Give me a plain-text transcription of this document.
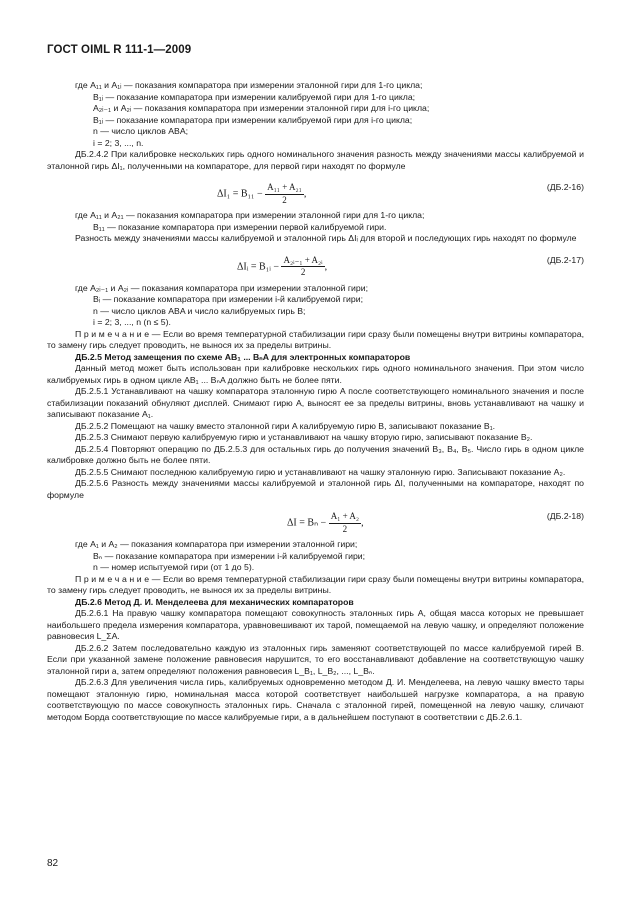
ГОСТ OIML R 111-1—2009

где A₁₁ и A₁ᵢ — показания компаратора при измерении эталонной гири для 1-го цикла;

B₁ᵢ — показание компаратора при измерении калибруемой гири для 1-го цикла;

A₂ᵢ₋₁ и A₂ᵢ — показания компаратора при измерении эталонной гири для i-го цикла;

B₁ᵢ — показание компаратора при измерении калибруемой гири для i-го цикла;

n — число циклов ABA;

i = 2; 3, ..., n.

ДБ.2.4.2 При калибровке нескольких гирь одного номинального значения разность между значениями массы калибруемой и эталонной гирь ΔI₁, полученными на компараторе, для первой гири находят по формуле

$\Delta I_1 = B_{11} - \frac{\text{A₁₁ + A₂₁}}{2}$ ,
(ДБ.2-16)

где A₁₁ и A₂₁ — показания компаратора при измерении эталонной гири для 1-го цикла;

B₁₁ — показание компаратора при измерении первой калибруемой гири.

Разность между значениями массы калибруемой и эталонной гирь ΔIᵢ для второй и последующих гирь находят по формуле

ΔIᵢ = B₁ᵢ − $\frac{\text{A₂ᵢ₋₁ + A₂ᵢ}}{2}$ ,
(ДБ.2-17)

где A₂ᵢ₋₁ и A₂ᵢ — показания компаратора при измерении эталонной гири;

Bᵢ — показание компаратора при измерении i-й калибруемой гири;

n — число циклов ABA и число калибруемых гирь B;

i = 2; 3, ..., n (n ≤ 5).

П р и м е ч а н и е — Если во время температурной стабилизации гири сразу были помещены внутри витрины компаратора, то замену гирь следует проводить, не вынося их за пределы витрины.

ДБ.2.5 Метод замещения по схеме AB₁ ... BₙA для электронных компараторов

Данный метод может быть использован при калибровке нескольких гирь одного номинального значения. При этом число калибруемых гирь в одном цикле AB₁ ... BₙA должно быть не более пяти.

ДБ.2.5.1 Устанавливают на чашку компаратора эталонную гирю A после соответствующего номинального значения и после стабилизации показаний обнуляют дисплей. Снимают гирю A, выносят ее за пределы витрины, вновь устанавливают на чашку и записывают показание A₁.

ДБ.2.5.2 Помещают на чашку вместо эталонной гири A калибруемую гирю B, записывают показание B₁.

ДБ.2.5.3 Снимают первую калибруемую гирю и устанавливают на чашку вторую гирю, записывают показание B₂.

ДБ.2.5.4 Повторяют операцию по ДБ.2.5.3 для остальных гирь до получения значений B₃, B₄, B₅. Число гирь в одном цикле калибровке должно быть не более пяти.

ДБ.2.5.5 Снимают последнюю калибруемую гирю и устанавливают на чашку эталонную гирю. Записывают показание A₂.

ДБ.2.5.6 Разность между значениями массы калибруемой и эталонной гирь ΔI, полученными на компараторе, находят по формуле

$\Delta I = B_n - \frac{\text{A₁ + A₂}}{2}$ ,
(ДБ.2-18)

где A₁ и A₂ — показания компаратора при измерении эталонной гири;

Bₙ — показание компаратора при измерении i-й калибруемой гири;

n — номер испытуемой гири (от 1 до 5).

П р и м е ч а н и е — Если во время температурной стабилизации гири сразу были помещены внутри витрины компаратора, то замену гирь следует проводить, не вынося их за пределы витрины.

ДБ.2.6 Метод Д. И. Менделеева для механических компараторов

ДБ.2.6.1 На правую чашку компаратора помещают совокупность эталонных гирь A, общая масса которых не превышает наибольшего предела измерения компаратора, уравновешивают их тарой, помещаемой на левую чашку, и определяют положение равновесия L_ΣA.

ДБ.2.6.2 Затем последовательно каждую из эталонных гирь заменяют соответствующей по массе калибруемой гирей B. Если при указанной замене положение равновесия нарушится, то его восстанавливают добавление на соответствующую чашку эталонной гири a, затем определяют положения равновесия L_B₁, L_B₂, ..., L_Bₙ.

ДБ.2.6.3 Для увеличения числа гирь, калибруемых одновременно методом Д. И. Менделеева, на левую чашку вместо тары помещают эталонную гирю, номинальная масса которой соответствует наибольшей нагрузке компаратора, а на правую соответствующую по массе совокупность эталонных гирь. Сначала с эталонной гирей, помещенной на левую чашку, сличают методом Борда соответствующие по массе калибруемые гири, а в дальнейшем поступают в соответствии с ДБ.2.6.1.

82
